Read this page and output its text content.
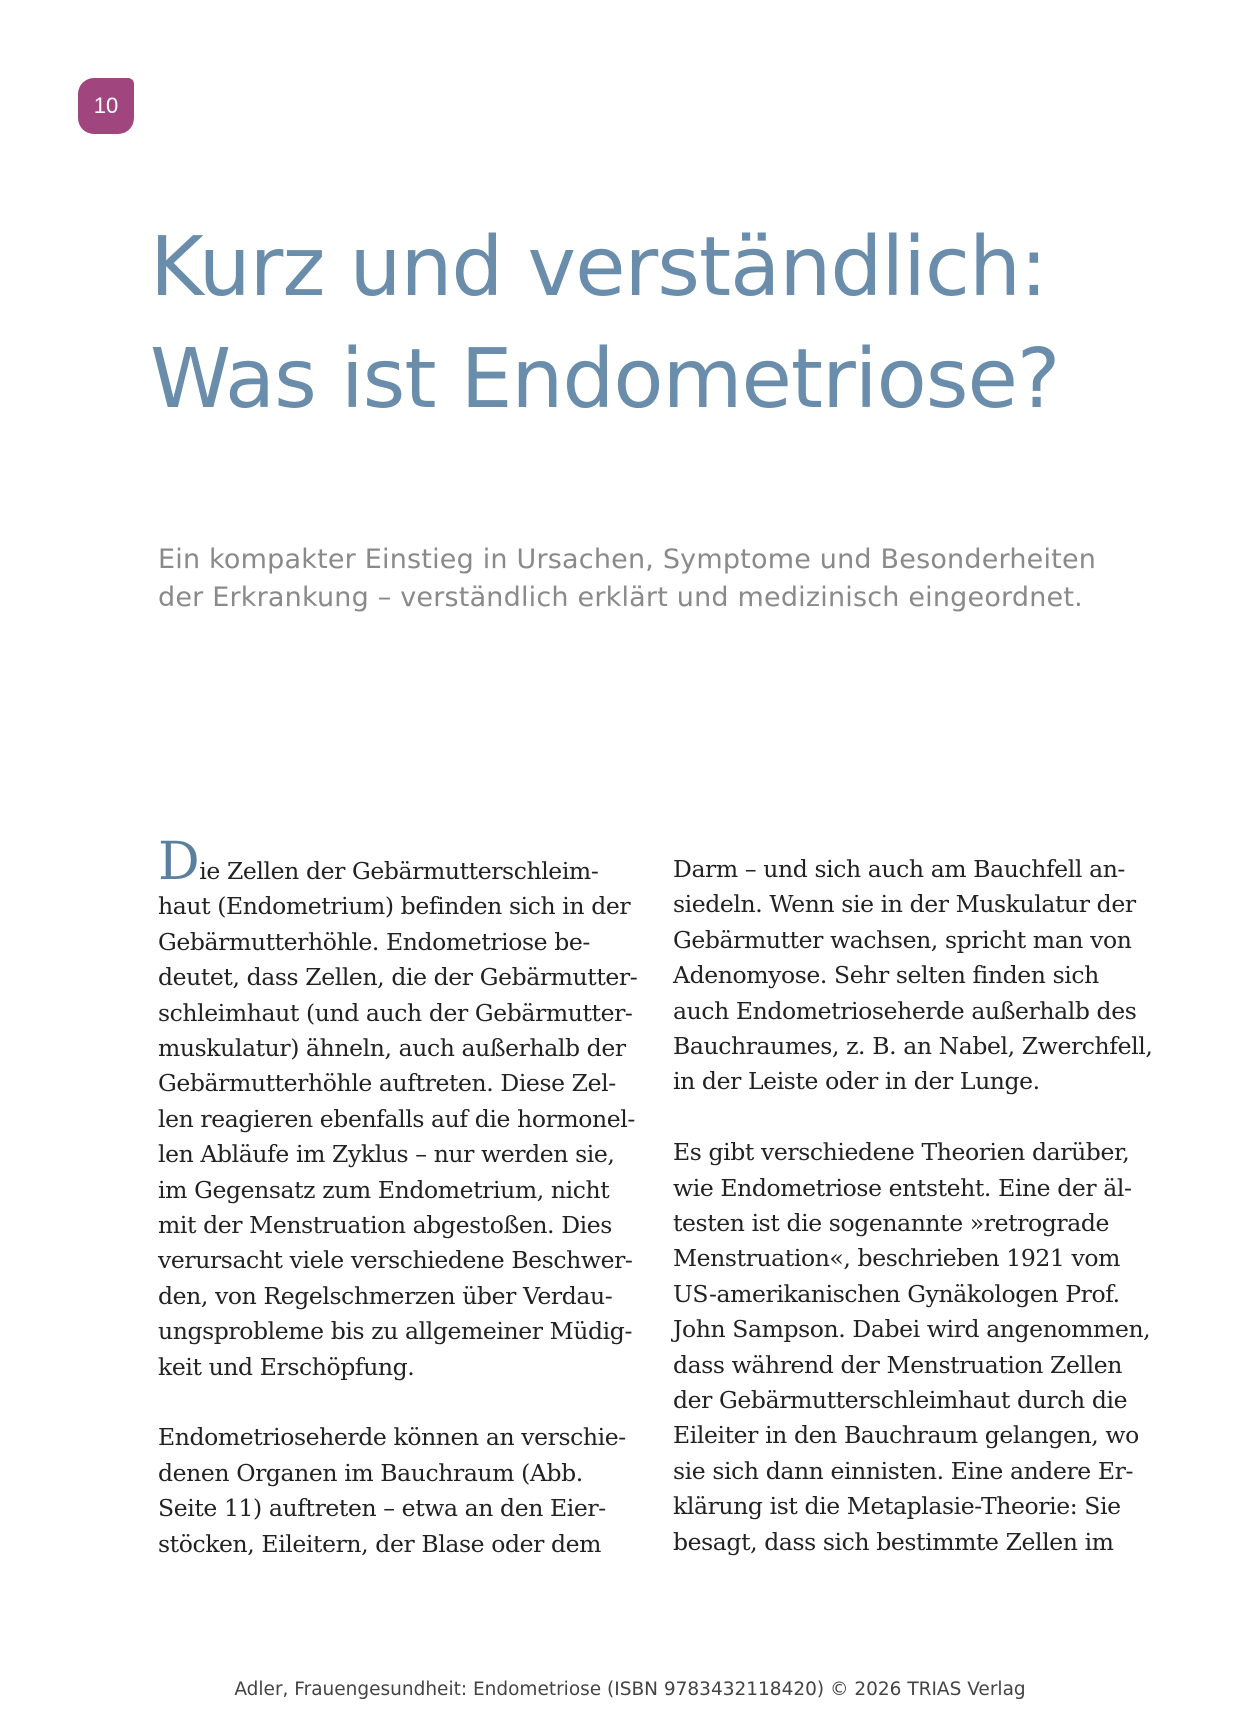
10
Kurz und verständlich:
Was ist Endometriose?

Ein kompakter Einstieg in Ursachen, Symptome und Besonderheiten
der Erkrankung – verständlich erklärt und medizinisch eingeordnet.

Die Zellen der Gebärmutterschleim-
haut (Endometrium) befinden sich in der
Gebärmutterhöhle. Endometriose be-
deutet, dass Zellen, die der Gebärmutter-
schleimhaut (und auch der Gebärmutter-
muskulatur) ähneln, auch außerhalb der
Gebärmutterhöhle auftreten. Diese Zel-
len reagieren ebenfalls auf die hormonel-
len Abläufe im Zyklus – nur werden sie,
im Gegensatz zum Endometrium, nicht
mit der Menstruation abgestoßen. Dies
verursacht viele verschiedene Beschwer-
den, von Regelschmerzen über Verdau-
ungsprobleme bis zu allgemeiner Müdig-
keit und Erschöpfung.

Endometrioseherde können an verschie-
denen Organen im Bauchraum (Abb.
Seite 11) auftreten – etwa an den Eier-
stöcken, Eileitern, der Blase oder dem

Darm – und sich auch am Bauchfell an-
siedeln. Wenn sie in der Muskulatur der
Gebärmutter wachsen, spricht man von
Adenomyose. Sehr selten finden sich
auch Endometrioseherde außerhalb des
Bauchraumes, z. B. an Nabel, Zwerchfell,
in der Leiste oder in der Lunge.

Es gibt verschiedene Theorien darüber,
wie Endometriose entsteht. Eine der äl-
testen ist die sogenannte »retrograde
Menstruation«, beschrieben 1921 vom
US-amerikanischen Gynäkologen Prof.
John Sampson. Dabei wird angenommen,
dass während der Menstruation Zellen
der Gebärmutterschleimhaut durch die
Eileiter in den Bauchraum gelangen, wo
sie sich dann einnisten. Eine andere Er-
klärung ist die Metaplasie-Theorie: Sie
besagt, dass sich bestimmte Zellen im

Adler, Frauengesundheit: Endometriose (ISBN 9783432118420) © 2026 TRIAS Verlag
